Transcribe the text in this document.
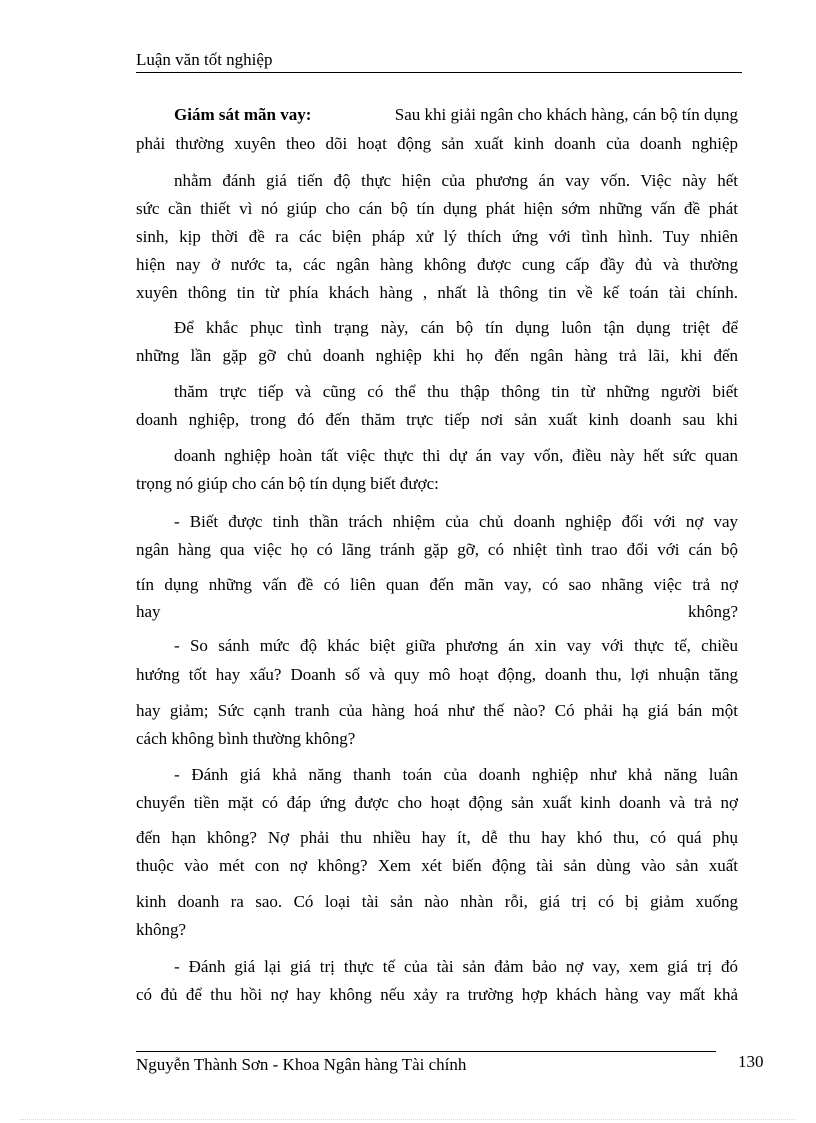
Luận văn tốt nghiệp
Giám sát mãn vay:	Sau khi giải ngân cho khách hàng, cán bộ tín dụng
phải thường xuyên theo dõi hoạt động sản xuất kinh doanh của doanh nghiệp
nhằm đánh giá tiến độ thực hiện của phương án vay vốn. Việc này hết
sức cần thiết vì nó giúp cho cán bộ tín dụng phát hiện sớm những vấn đề phát
sinh, kịp thời đề ra các biện pháp xử lý thích ứng với tình hình. Tuy nhiên
hiện nay ở nước ta, các ngân hàng không được cung cấp đầy đủ và thường
xuyên thông tin từ phía khách hàng , nhất là thông tin về kế toán tài chính.
Để khắc phục tình trạng này, cán bộ tín dụng luôn tận dụng triệt để
những lần gặp gỡ chủ doanh nghiệp khi họ đến ngân hàng trả lãi, khi đến
thăm trực tiếp và cũng có thể thu thập thông tin từ những người biết
doanh nghiệp, trong đó đến thăm trực tiếp nơi sản xuất kinh doanh sau khi
doanh nghiệp hoàn tất việc thực thi dự án vay vốn, điều này hết sức quan
trọng nó giúp cho cán bộ tín dụng biết được:
- Biết được tinh thần trách nhiệm của chủ doanh nghiệp đối với nợ vay
ngân hàng qua việc họ có lãng tránh gặp gỡ, có nhiệt tình trao đổi với cán bộ
tín dụng những vấn đề có liên quan đến mãn vay, có sao nhãng việc trả nợ
hay	không?
- So sánh mức độ khác biệt giữa phương án xin vay với thực tế, chiều
hướng tốt hay xấu? Doanh số và quy mô hoạt động, doanh thu, lợi nhuận tăng
hay giảm; Sức cạnh tranh của hàng hoá như thế nào? Có phải hạ giá bán một
cách không bình thường không?
- Đánh giá khả năng thanh toán của doanh nghiệp như khả năng luân
chuyển tiền mặt có đáp ứng được cho hoạt động sản xuất kinh doanh và trả nợ
đến hạn không? Nợ phải thu nhiều hay ít, dễ thu hay khó thu, có quá phụ
thuộc vào mét con nợ không? Xem xét biến động tài sản dùng vào sản xuất
kinh doanh ra sao. Có loại tài sản nào nhàn rỗi, giá trị có bị giảm xuống
không?
- Đánh giá lại giá trị thực tế của tài sản đảm bảo nợ vay, xem giá trị đó
có đủ để thu hồi nợ hay không nếu xảy ra trường hợp khách hàng vay mất khả
Nguyễn Thành Sơn - Khoa Ngân hàng Tài chính	130
